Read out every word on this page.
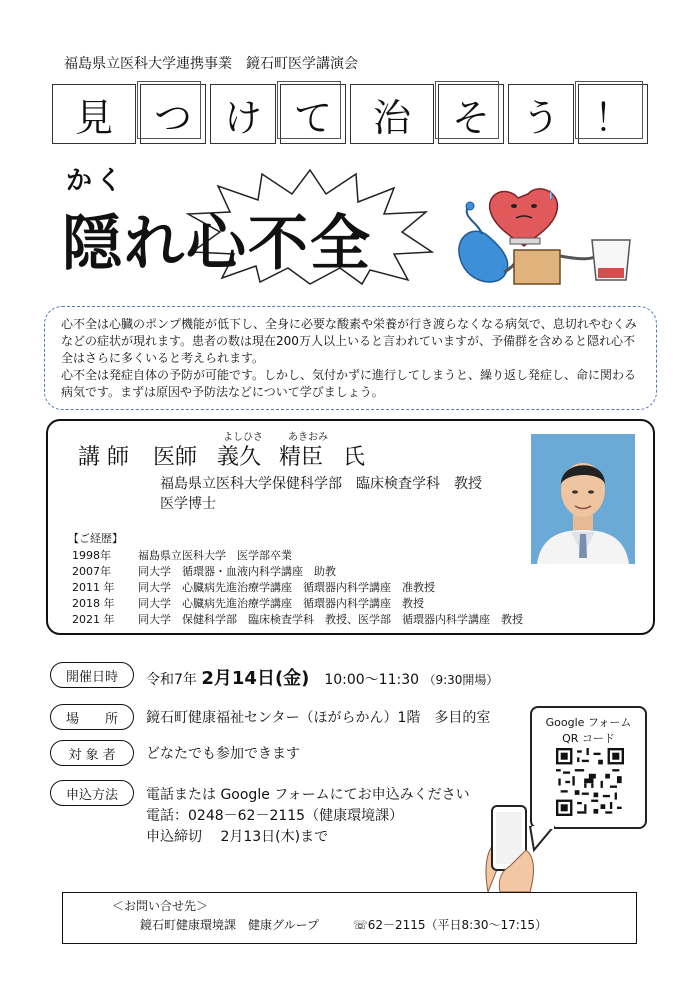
福島県立医科大学連携事業　鏡石町医学講演会
見 つ け て 治 そ う ！
かく
隠れ心不全

心不全は心臓のポンプ機能が低下し、全身に必要な酸素や栄養が行き渡らなくなる病気で、息切れやむくみなどの症状が現れます。患者の数は現在200万人以上いると言われていますが、予備群を含めると隠れ心不全はさらに多くいると考えられます。

心不全は発症自体の予防が可能です。しかし、気付かずに進行してしまうと、繰り返し発症し、命に関わる病気です。まずは原因や予防法などについて学びましょう。

よしひさ	あきおみ
講 師 医師 義久 精臣 氏
福島県立医科大学保健科学部　臨床検査学科　教授
医学博士
【ご経歴】
1998年 福島県立医科大学　医学部卒業
2007年 同大学　循環器・血液内科学講座　助教
2011 年 同大学　心臓病先進治療学講座　循環器内科学講座　准教授
2018 年 同大学　心臓病先進治療学講座　循環器内科学講座　教授
2021 年 同大学　保健科学部　臨床検査学科　教授、医学部　循環器内科学講座　教授
開催日時	令和7年 2月14日(金) 10:00～11:30 （9:30開場）
場　　所	鏡石町健康福祉センター（ほがらかん）1階　多目的室
対 象 者	どなたでも参加できます
申込方法	電話または Google フォームにてお申込みください
電話：0248－62－2115（健康環境課）
申込締切　 2月13日(木)まで
Google フォーム
QR コード
＜お問い合せ先＞
鏡石町健康環境課　健康グループ	☏62－2115（平日8:30～17:15）
